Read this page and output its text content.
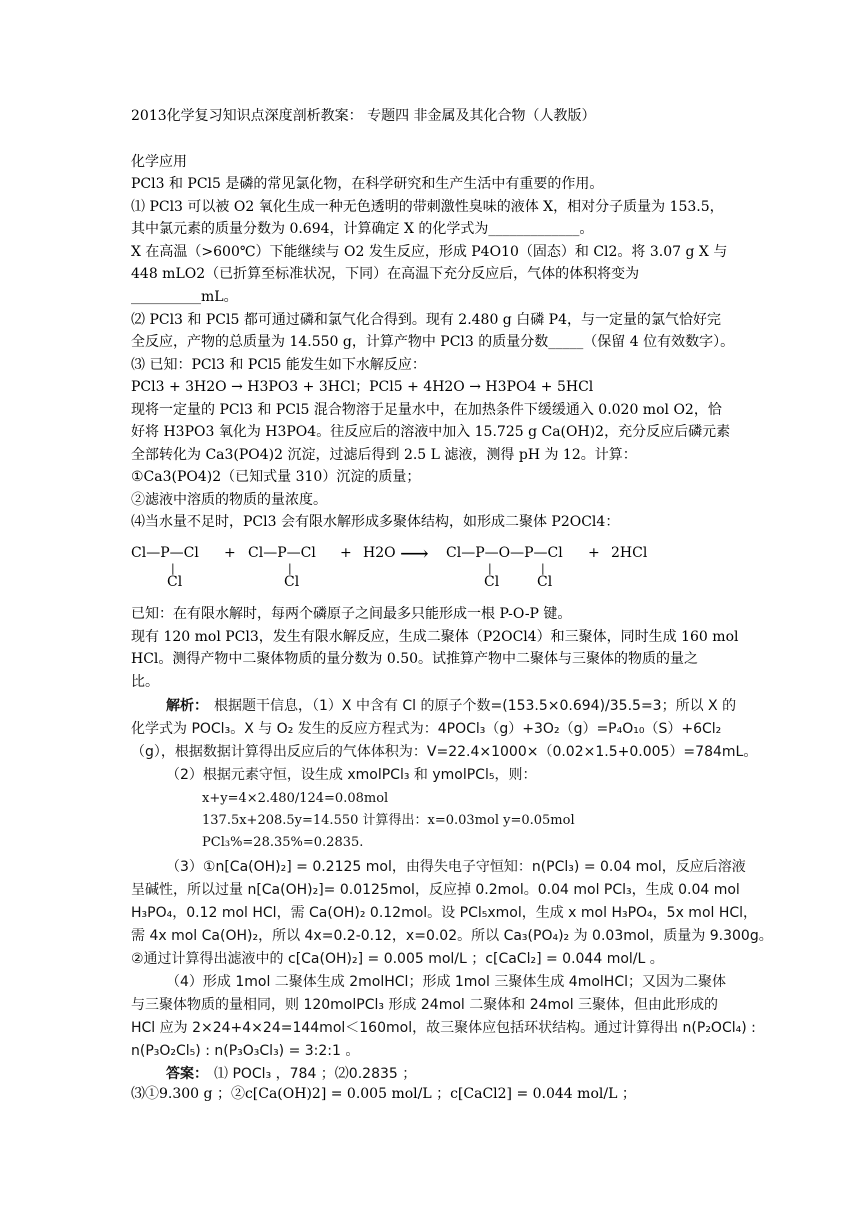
2013化学复习知识点深度剖析教案： 专题四 非金属及其化合物（人教版）
化学应用
PCl3 和 PCl5 是磷的常见氯化物，在科学研究和生产生活中有重要的作用。
⑴ PCl3 可以被 O2 氧化生成一种无色透明的带刺激性臭味的液体 X，相对分子质量为 153.5，
其中氯元素的质量分数为 0.694，计算确定 X 的化学式为_____________。
X 在高温（>600℃）下能继续与 O2 发生反应，形成 P4O10（固态）和 Cl2。将 3.07 g X 与
448 mLO2（已折算至标准状况，下同）在高温下充分反应后，气体的体积将变为
__________mL。
⑵ PCl3 和 PCl5 都可通过磷和氯气化合得到。现有 2.480 g 白磷 P4，与一定量的氯气恰好完
全反应，产物的总质量为 14.550 g，计算产物中 PCl3 的质量分数_____（保留 4 位有效数字）。
⑶ 已知：PCl3 和 PCl5 能发生如下水解反应：
PCl3 + 3H2O → H3PO3 + 3HCl；PCl5 + 4H2O → H3PO4 + 5HCl
现将一定量的 PCl3 和 PCl5 混合物溶于足量水中，在加热条件下缓缓通入 0.020 mol O2，恰
好将 H3PO3 氧化为 H3PO4。往反应后的溶液中加入 15.725 g Ca(OH)2，充分反应后磷元素
全部转化为 Ca3(PO4)2 沉淀，过滤后得到 2.5 L 滤液，测得 pH 为 12。计算：
①Ca3(PO4)2（已知式量 310）沉淀的质量；
②滤液中溶质的物质的量浓度。
⑷当水量不足时，PCl3 会有限水解形成多聚体结构，如形成二聚体 P2OCl4：
Cl—P—Cl
|
Cl
+ Cl—P—Cl
|
Cl
+ H2O ⟶ Cl—P—O—P—Cl
|
Cl
|
Cl
+ 2HCl
已知：在有限水解时，每两个磷原子之间最多只能形成一根 P-O-P 键。
现有 120 mol PCl3，发生有限水解反应，生成二聚体（P2OCl4）和三聚体，同时生成 160 mol
HCl。测得产物中二聚体物质的量分数为 0.50。试推算产物中二聚体与三聚体的物质的量之
比。
解析： 根据题干信息，（1）X 中含有 Cl 的原子个数=(153.5×0.694)/35.5=3；所以 X 的
化学式为 POCl₃。X 与 O₂ 发生的反应方程式为：4POCl₃（g）+3O₂（g）=P₄O₁₀（S）+6Cl₂
（g），根据数据计算得出反应后的气体体积为：V=22.4×1000×（0.02×1.5+0.005）=784mL。
（2）根据元素守恒，设生成 xmolPCl₃ 和 ymolPCl₅，则：
x+y=4×2.480/124=0.08mol
137.5x+208.5y=14.550 计算得出：x=0.03mol y=0.05mol
PCl₃%=28.35%=0.2835.
（3）①n[Ca(OH)₂] = 0.2125 mol，由得失电子守恒知：n(PCl₃) = 0.04 mol，反应后溶液
呈碱性，所以过量 n[Ca(OH)₂]= 0.0125mol，反应掉 0.2mol。0.04 mol PCl₃，生成 0.04 mol
H₃PO₄，0.12 mol HCl，需 Ca(OH)₂ 0.12mol。设 PCl₅xmol，生成 x mol H₃PO₄，5x mol HCl，
需 4x mol Ca(OH)₂，所以 4x=0.2-0.12，x=0.02。所以 Ca₃(PO₄)₂ 为 0.03mol，质量为 9.300g。
②通过计算得出滤液中的 c[Ca(OH)₂] = 0.005 mol/L ；c[CaCl₂] = 0.044 mol/L 。
（4）形成 1mol 二聚体生成 2molHCl；形成 1mol 三聚体生成 4molHCl；又因为二聚体
与三聚体物质的量相同，则 120molPCl₃ 形成 24mol 二聚体和 24mol 三聚体，但由此形成的
HCl 应为 2×24+4×24=144mol＜160mol，故三聚体应包括环状结构。通过计算得出 n(P₂OCl₄) :
n(P₃O₂Cl₅) : n(P₃O₃Cl₃) = 3:2:1 。
答案： ⑴ POCl₃ ，784 ；⑵0.2835 ；
⑶①9.300 g ；②c[Ca(OH)2] = 0.005 mol/L ；c[CaCl2] = 0.044 mol/L ；
